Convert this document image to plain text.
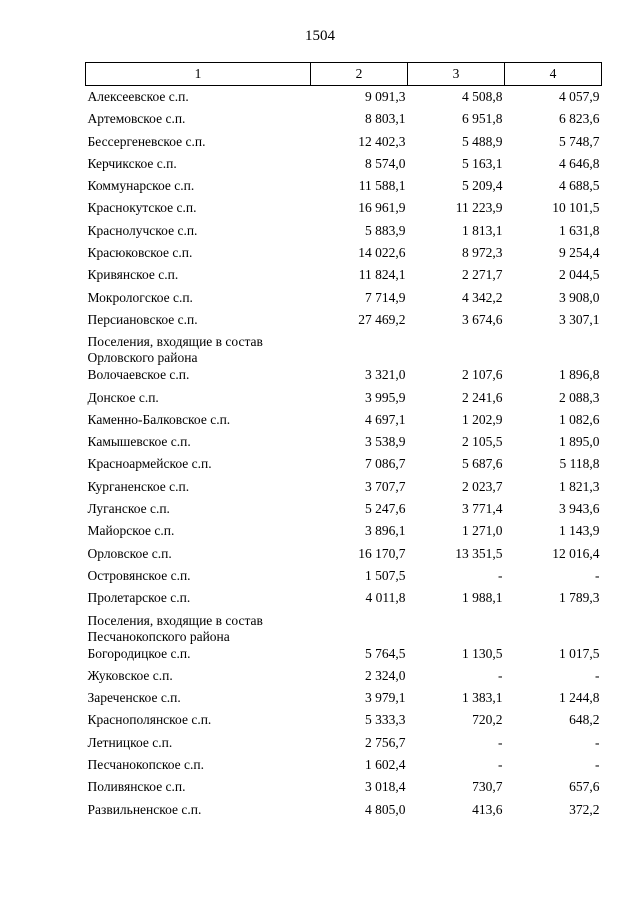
1504
1	2	3	4
Алексеевское с.п.	9 091,3	4 508,8	4 057,9
Артемовское с.п.	8 803,1	6 951,8	6 823,6
Бессергеневское с.п.	12 402,3	5 488,9	5 748,7
Керчикское с.п.	8 574,0	5 163,1	4 646,8
Коммунарское с.п.	11 588,1	5 209,4	4 688,5
Краснокутское с.п.	16 961,9	11 223,9	10 101,5
Краснолучское с.п.	5 883,9	1 813,1	1 631,8
Красюковское с.п.	14 022,6	8 972,3	9 254,4
Кривянское с.п.	11 824,1	2 271,7	2 044,5
Мокрологское с.п.	7 714,9	4 342,2	3 908,0
Персиановское с.п.	27 469,2	3 674,6	3 307,1
Поселения, входящие в состав Орловского района			
Волочаевское с.п.	3 321,0	2 107,6	1 896,8
Донское с.п.	3 995,9	2 241,6	2 088,3
Каменно-Балковское с.п.	4 697,1	1 202,9	1 082,6
Камышевское с.п.	3 538,9	2 105,5	1 895,0
Красноармейское с.п.	7 086,7	5 687,6	5 118,8
Курганенское с.п.	3 707,7	2 023,7	1 821,3
Луганское с.п.	5 247,6	3 771,4	3 943,6
Майорское с.п.	3 896,1	1 271,0	1 143,9
Орловское с.п.	16 170,7	13 351,5	12 016,4
Островянское с.п.	1 507,5	-	-
Пролетарское с.п.	4 011,8	1 988,1	1 789,3
Поселения, входящие в состав Песчанокопского района			
Богородицкое с.п.	5 764,5	1 130,5	1 017,5
Жуковское с.п.	2 324,0	-	-
Зареченское с.п.	3 979,1	1 383,1	1 244,8
Краснополянское с.п.	5 333,3	720,2	648,2
Летницкое с.п.	2 756,7	-	-
Песчанокопское с.п.	1 602,4	-	-
Поливянское с.п.	3 018,4	730,7	657,6
Развильненское с.п.	4 805,0	413,6	372,2
